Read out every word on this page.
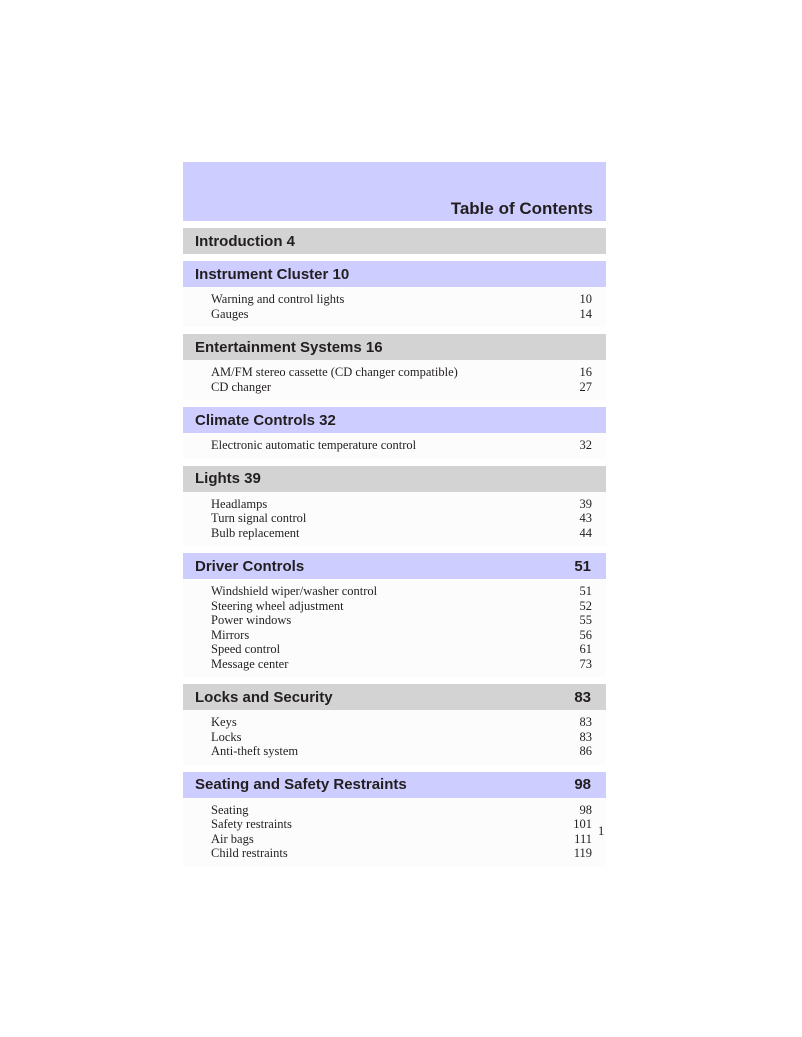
Table of Contents
Introduction 4
Instrument Cluster 10
Warning and control lights	10
Gauges	14
Entertainment Systems 16
AM/FM stereo cassette (CD changer compatible)	16
CD changer	27
Climate Controls 32
Electronic automatic temperature control	32
Lights 39
Headlamps	39
Turn signal control	43
Bulb replacement	44
Driver Controls	51
Windshield wiper/washer control	51
Steering wheel adjustment	52
Power windows	55
Mirrors	56
Speed control	61
Message center	73
Locks and Security	83
Keys	83
Locks	83
Anti-theft system	86
Seating and Safety Restraints	98
Seating	98
Safety restraints	101
Air bags	111
Child restraints	119
1
